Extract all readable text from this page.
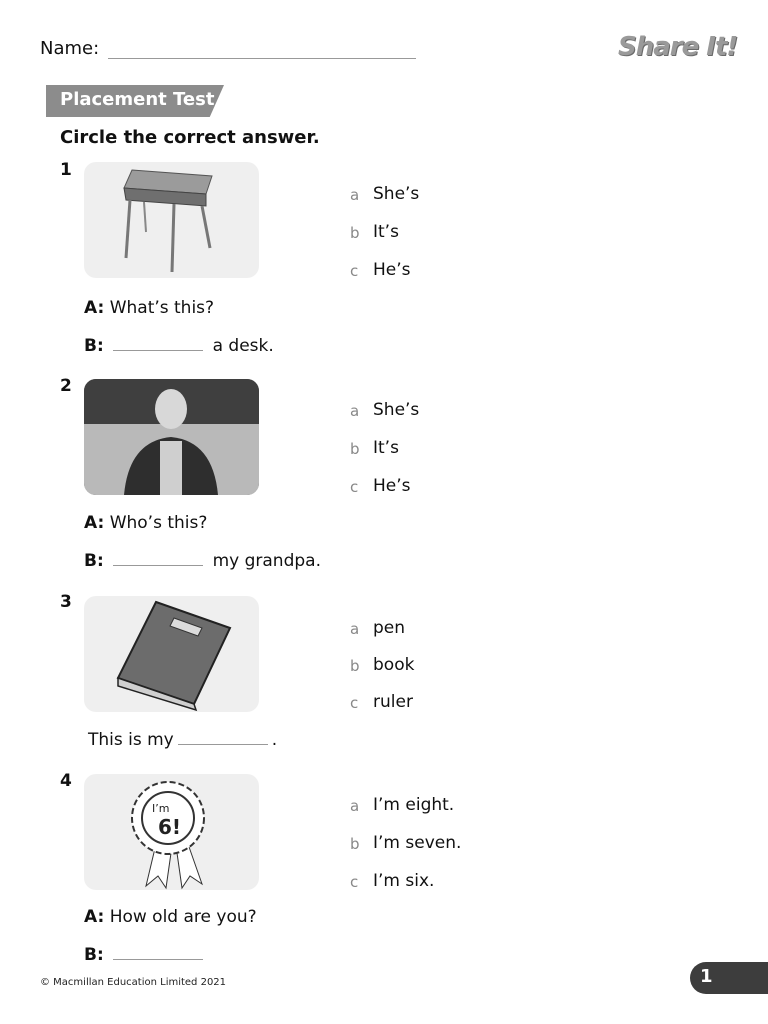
Name:	Share It!
Placement Test
Circle the correct answer.
1
a She’s
b It’s
c He’s
A: What’s this?
B:	a desk.
2
a She’s
b It’s
c He’s
A: Who’s this?
B:	my grandpa.
3
a pen
b book
c ruler
This is my	.
4
I’m
6!
a I’m eight.
b I’m seven.
c I’m six.
A: How old are you?
B:
© Macmillan Education Limited 2021	1
